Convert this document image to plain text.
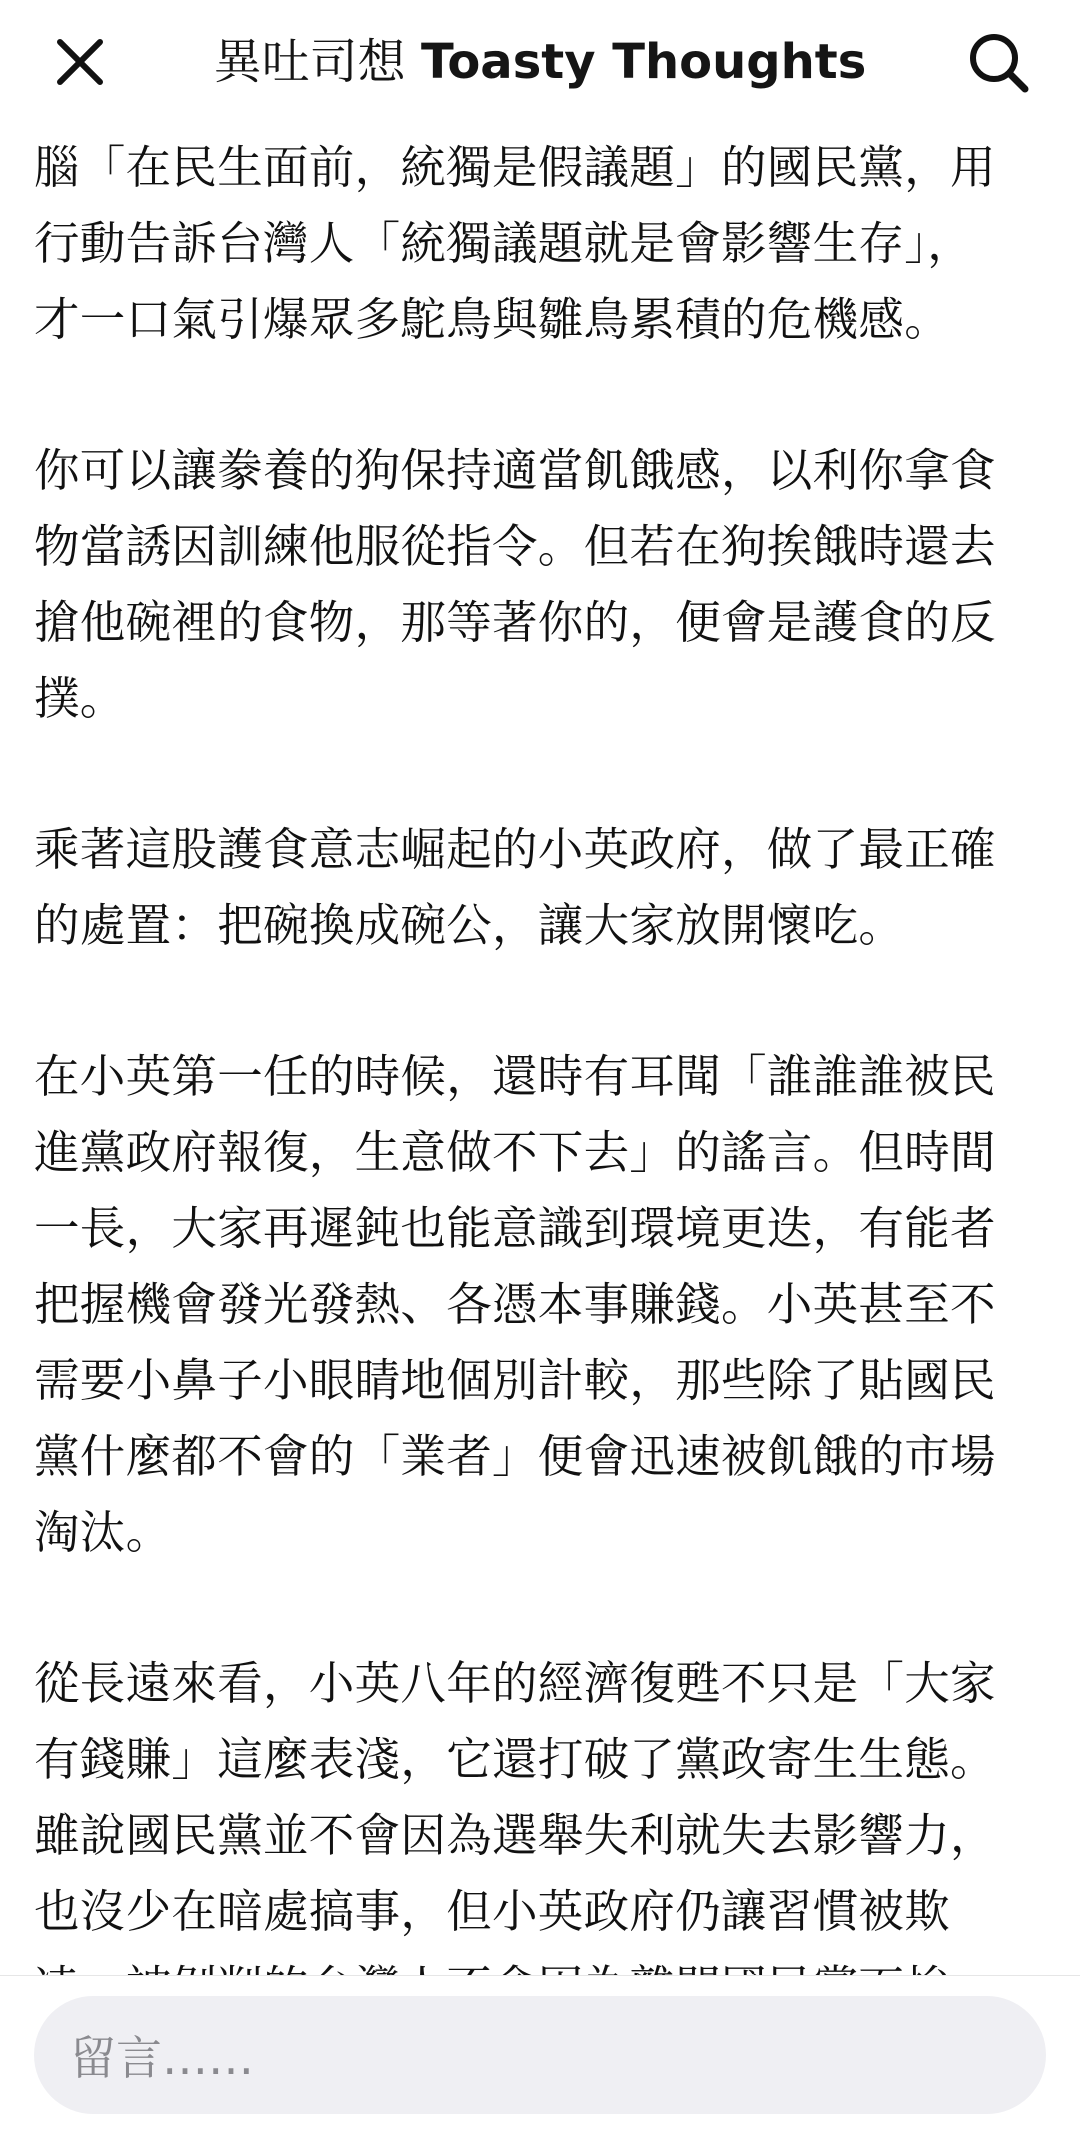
異吐司想 Toasty Thoughts
腦「在民生面前，統獨是假議題」的國民黨，用
行動告訴台灣人「統獨議題就是會影響生存」，
才一口氣引爆眾多鴕鳥與雛鳥累積的危機感。
你可以讓豢養的狗保持適當飢餓感，以利你拿食
物當誘因訓練他服從指令。但若在狗挨餓時還去
搶他碗裡的食物，那等著你的，便會是護食的反
撲。
乘著這股護食意志崛起的小英政府，做了最正確
的處置：把碗換成碗公，讓大家放開懷吃。
在小英第一任的時候，還時有耳聞「誰誰誰被民
進黨政府報復，生意做不下去」的謠言。但時間
一長，大家再遲鈍也能意識到環境更迭，有能者
把握機會發光發熱、各憑本事賺錢。小英甚至不
需要小鼻子小眼睛地個別計較，那些除了貼國民
黨什麼都不會的「業者」便會迅速被飢餓的市場
淘汰。
從長遠來看，小英八年的經濟復甦不只是「大家
有錢賺」這麼表淺，它還打破了黨政寄生生態。
雖說國民黨並不會因為選舉失利就失去影響力，
也沒少在暗處搞事，但小英政府仍讓習慣被欺
留言……
